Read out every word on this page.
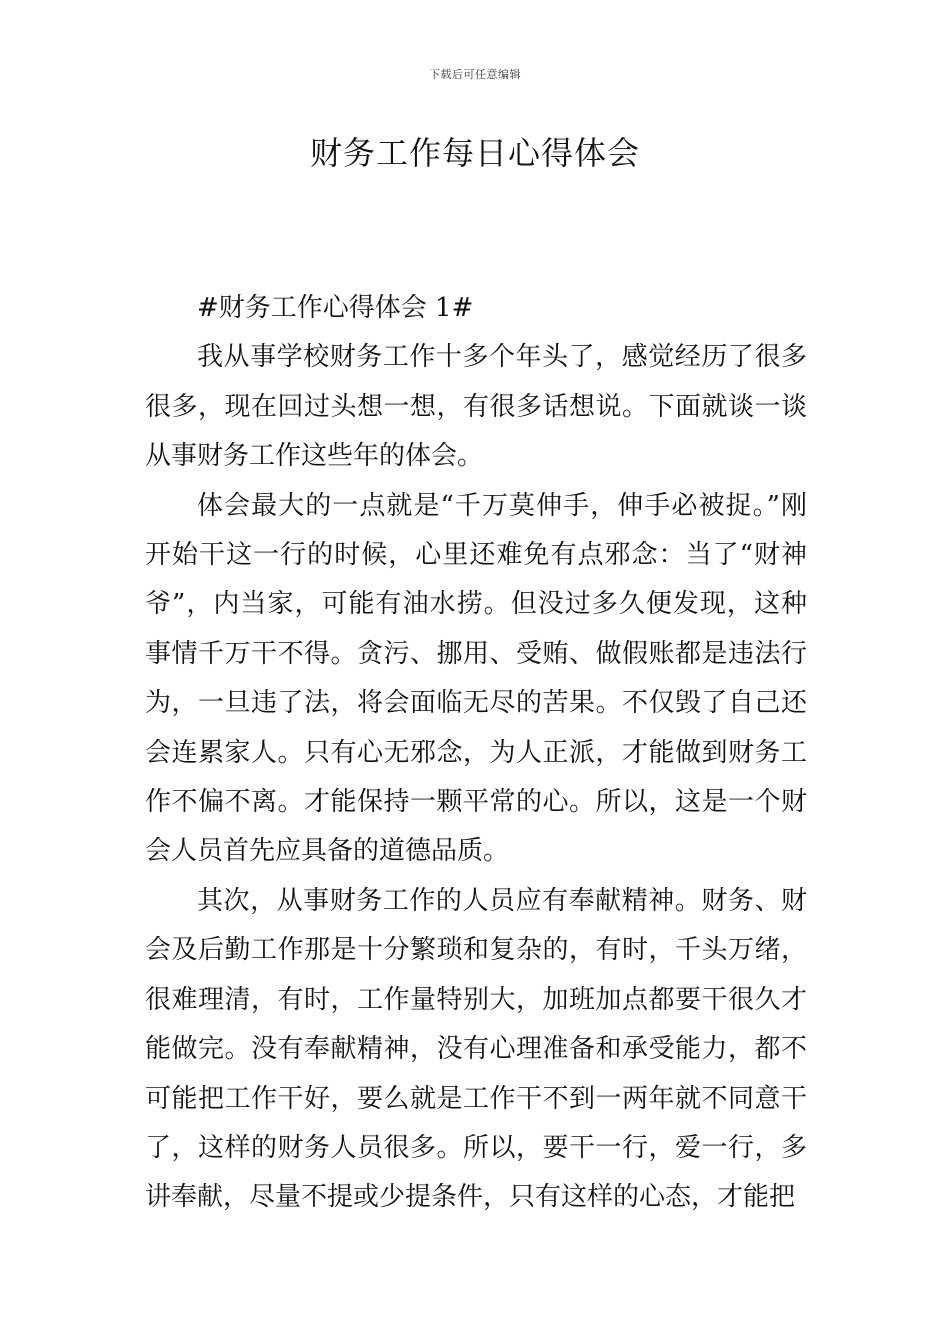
下载后可任意编辑
财务工作每日心得体会

#财务工作心得体会 1#

我从事学校财务工作十多个年头了，感觉经历了很多很多，现在回过头想一想，有很多话想说。下面就谈一谈从事财务工作这些年的体会。

体会最大的一点就是“千万莫伸手，伸手必被捉。”刚开始干这一行的时候，心里还难免有点邪念：当了“财神爷”，内当家，可能有油水捞。但没过多久便发现，这种事情千万干不得。贪污、挪用、受贿、做假账都是违法行为，一旦违了法，将会面临无尽的苦果。不仅毁了自己还会连累家人。只有心无邪念，为人正派，才能做到财务工作不偏不离。才能保持一颗平常的心。所以，这是一个财会人员首先应具备的道德品质。

其次，从事财务工作的人员应有奉献精神。财务、财会及后勤工作那是十分繁琐和复杂的，有时，千头万绪，很难理清，有时，工作量特别大，加班加点都要干很久才能做完。没有奉献精神，没有心理准备和承受能力，都不可能把工作干好，要么就是工作干不到一两年就不同意干了，这样的财务人员很多。所以，要干一行，爱一行，多讲奉献，尽量不提或少提条件，只有这样的心态，才能把
